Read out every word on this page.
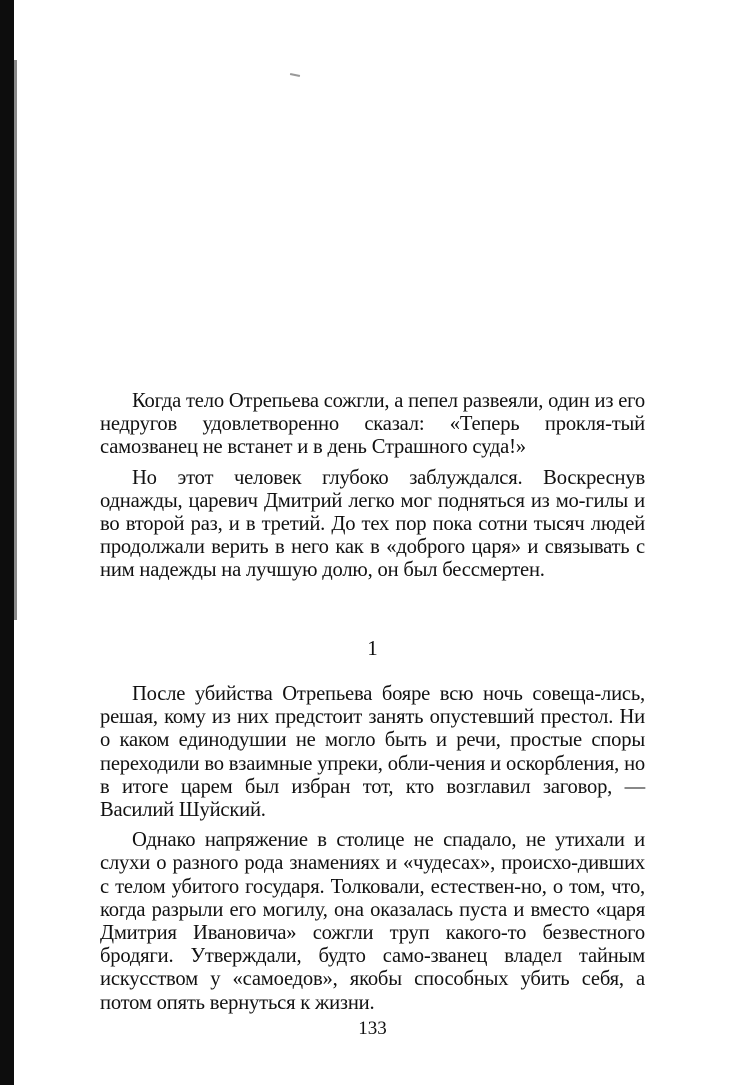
Когда тело Отрепьева сожгли, а пепел развеяли, один из его недругов удовлетворенно сказал: «Теперь прокля-тый самозванец не встанет и в день Страшного суда!»

Но этот человек глубоко заблуждался. Воскреснув однажды, царевич Дмитрий легко мог подняться из мо-гилы и во второй раз, и в третий. До тех пор пока сотни тысяч людей продолжали верить в него как в «доброго царя» и связывать с ним надежды на лучшую долю, он был бессмертен.

1

После убийства Отрепьева бояре всю ночь совеща-лись, решая, кому из них предстоит занять опустевший престол. Ни о каком единодушии не могло быть и речи, простые споры переходили во взаимные упреки, обли-чения и оскорбления, но в итоге царем был избран тот, кто возглавил заговор, — Василий Шуйский.

Однако напряжение в столице не спадало, не утихали и слухи о разного рода знамениях и «чудесах», происхо-дивших с телом убитого государя. Толковали, естествен-но, о том, что, когда разрыли его могилу, она оказалась пуста и вместо «царя Дмитрия Ивановича» сожгли труп какого-то безвестного бродяги. Утверждали, будто само-званец владел тайным искусством у «самоедов», якобы способных убить себя, а потом опять вернуться к жизни.

133
